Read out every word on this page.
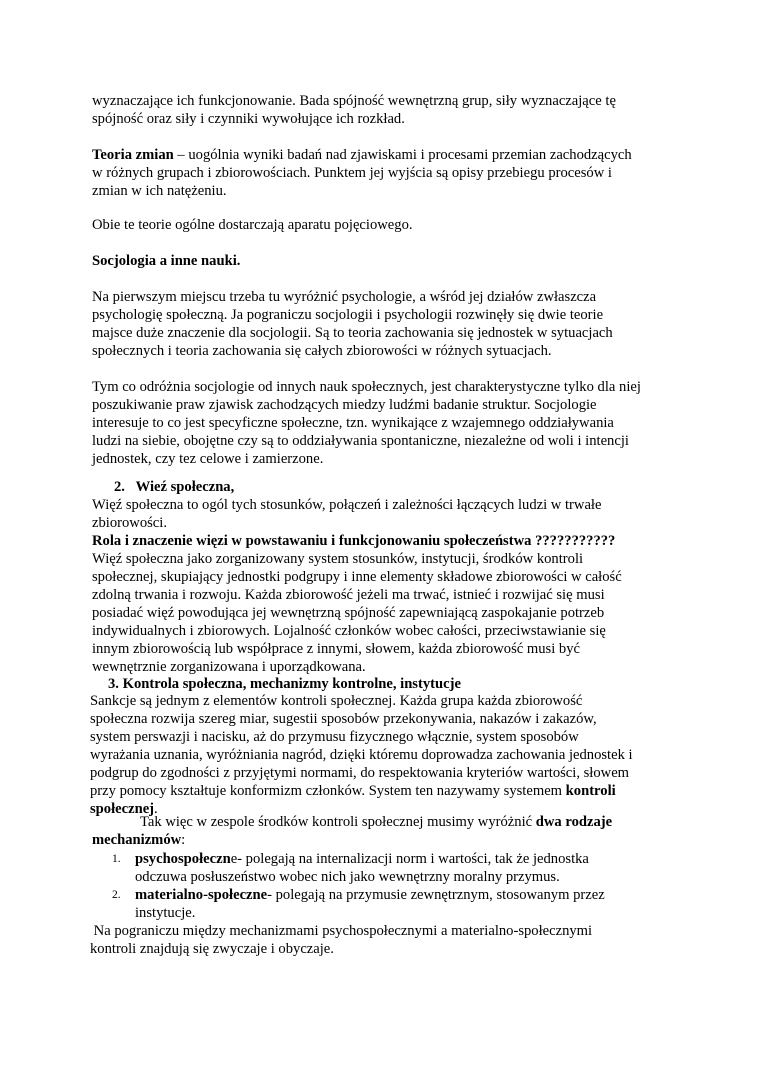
wyznaczające ich funkcjonowanie. Bada spójność wewnętrzną grup, siły wyznaczające tę
spójność oraz siły i czynniki wywołujące ich rozkład.
Teoria zmian – uogólnia wyniki badań nad zjawiskami i procesami przemian zachodzących
w różnych grupach i zbiorowościach. Punktem jej wyjścia są opisy przebiegu procesów i
zmian w ich natężeniu.
Obie te teorie ogólne dostarczają aparatu pojęciowego.
Socjologia a inne nauki.
Na pierwszym miejscu trzeba tu wyróżnić psychologie, a wśród jej działów zwłaszcza
psychologię społeczną. Ja pograniczu socjologii i psychologii rozwinęły się dwie teorie
majsce duże znaczenie dla socjologii. Są to teoria zachowania się jednostek w sytuacjach
społecznych i teoria zachowania się całych zbiorowości w różnych sytuacjach.
Tym co odróżnia socjologie od innych nauk społecznych, jest charakterystyczne tylko dla niej
poszukiwanie praw zjawisk zachodzących miedzy ludźmi badanie struktur. Socjologie
interesuje to co jest specyficzne społeczne, tzn. wynikające z wzajemnego oddziaływania
ludzi na siebie, obojętne czy są to oddziaływania spontaniczne, niezależne od woli i intencji
jednostek, czy tez celowe i zamierzone.
2.   Wieź społeczna,
Więź społeczna to ogól tych stosunków, połączeń i zależności łączących ludzi w trwałe
zbiorowości.
Rola i znaczenie więzi w powstawaniu i funkcjonowaniu społeczeństwa ???????????
Więź społeczna jako zorganizowany system stosunków, instytucji, środków kontroli
społecznej, skupiający jednostki podgrupy i inne elementy składowe zbiorowości w całość
zdolną trwania i rozwoju. Każda zbiorowość jeżeli ma trwać, istnieć i rozwijać się musi
posiadać więź powodująca jej wewnętrzną spójność zapewniającą zaspokajanie potrzeb
indywidualnych i zbiorowych. Lojalność członków wobec całości, przeciwstawianie się
innym zbiorowością lub współprace z innymi, słowem, każda zbiorowość musi być
wewnętrznie zorganizowana i uporządkowana.
3. Kontrola społeczna, mechanizmy kontrolne, instytucje
Sankcje są jednym z elementów kontroli społecznej. Każda grupa każda zbiorowość
społeczna rozwija szereg miar, sugestii sposobów przekonywania, nakazów i zakazów,
system perswazji i nacisku, aż do przymusu fizycznego włącznie, system sposobów
wyrażania uznania, wyróżniania nagród, dzięki któremu doprowadza zachowania jednostek i
podgrup do zgodności z przyjętymi normami, do respektowania kryteriów wartości, słowem
przy pomocy kształtuje konformizm członków. System ten nazywamy systemem kontroli
społecznej.
Tak więc w zespole środków kontroli społecznej musimy wyróżnić dwa rodzaje
mechanizmów:
1. psychospołeczne- polegają na internalizacji norm i wartości, tak że jednostka
odczuwa posłuszeństwo wobec nich jako wewnętrzny moralny przymus.
2. materialno-społeczne- polegają na przymusie zewnętrznym, stosowanym przez
instytucje.
Na pograniczu między mechanizmami psychospołecznymi a materialno-społecznymi
kontroli znajdują się zwyczaje i obyczaje.
